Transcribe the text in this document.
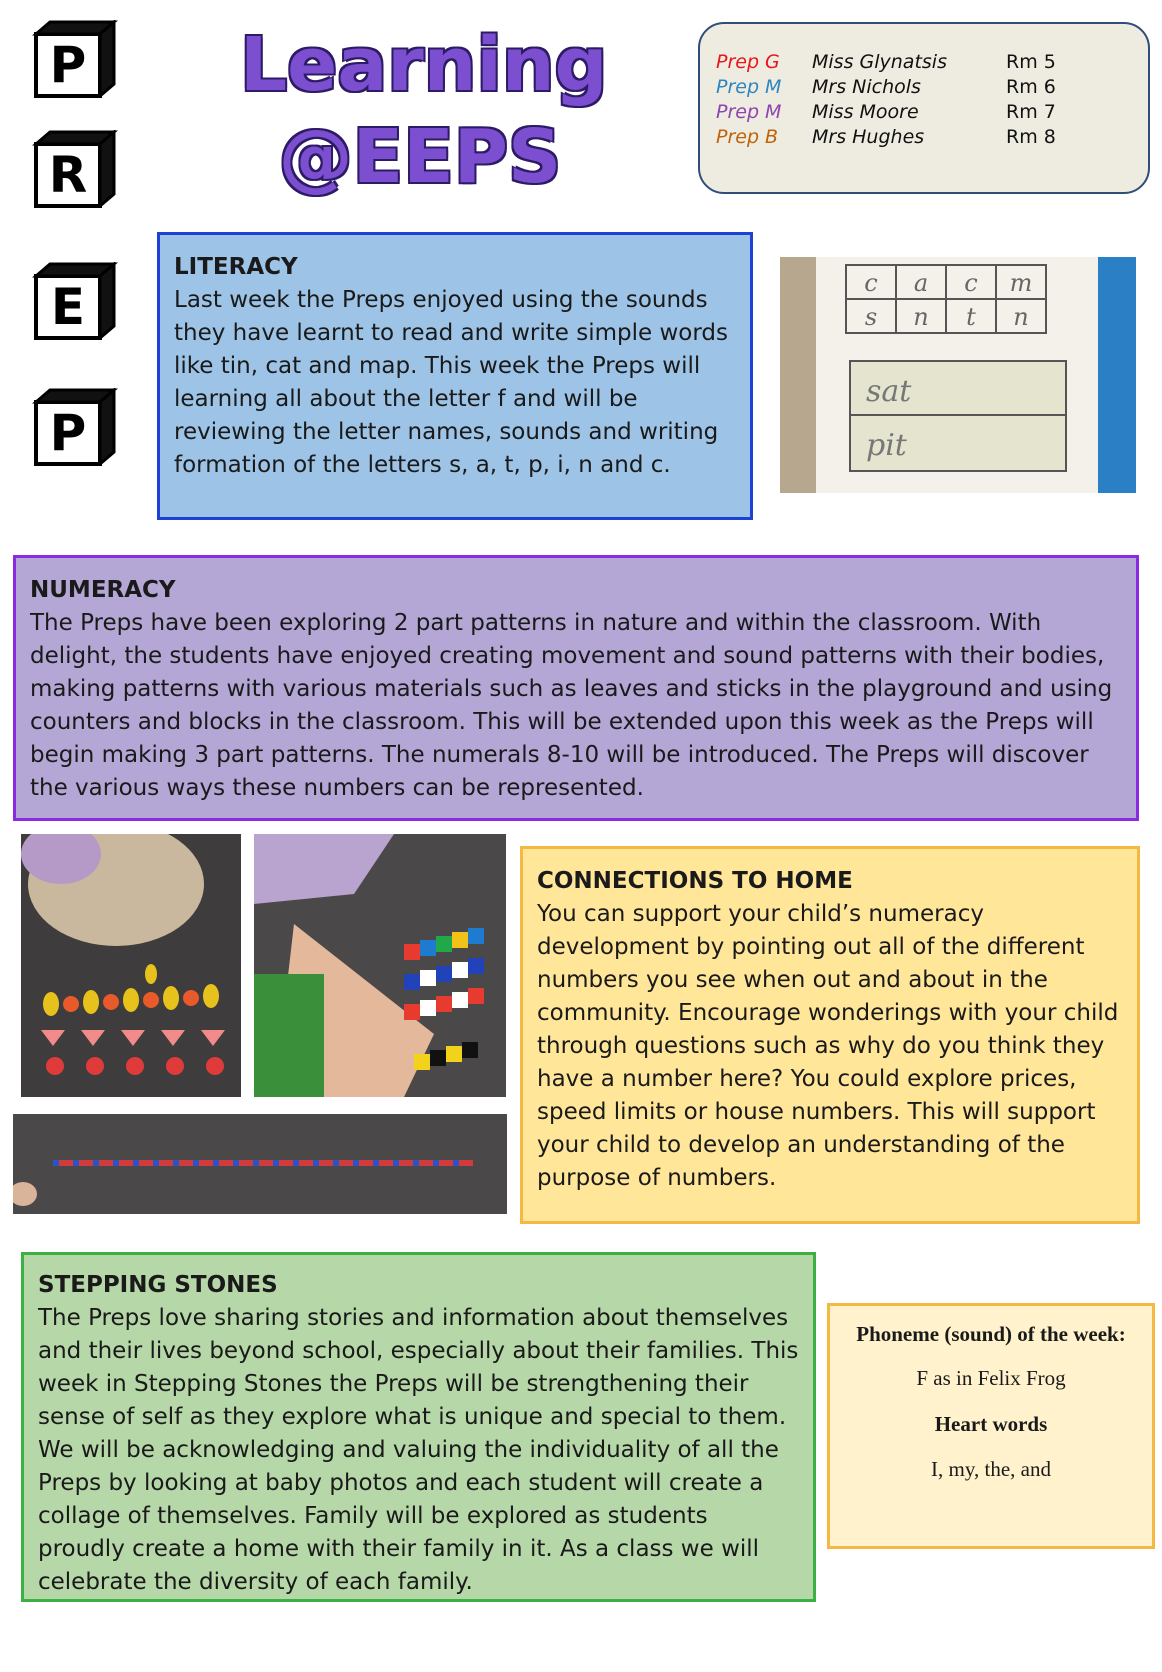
P
R
E
P
Learning
@EEPS
Prep G	Miss Glynatsis	Rm 5
Prep M	Mrs Nichols	Rm 6
Prep M	Miss Moore	Rm 7
Prep B	Mrs Hughes	Rm 8
LITERACY
Last week the Preps enjoyed using the sounds they have learnt to read and write simple words like tin, cat and map. This week the Preps will learning all about the letter f and will be reviewing the letter names, sounds and writing formation of the letters s, a, t, p, i, n and c.
c a c m
s n t n
sat
pit
NUMERACY
The Preps have been exploring 2 part patterns in nature and within the classroom. With delight, the students have enjoyed creating movement and sound patterns with their bodies, making patterns with various materials such as leaves and sticks in the playground and using counters and blocks in the classroom. This will be extended upon this week as the Preps will begin making 3 part patterns. The numerals 8-10 will be introduced. The Preps will discover the various ways these numbers can be represented.
CONNECTIONS TO HOME
You can support your child’s numeracy development by pointing out all of the different numbers you see when out and about in the community. Encourage wonderings with your child through questions such as why do you think they have a number here? You could explore prices, speed limits or house numbers. This will support your child to develop an understanding of the purpose of numbers.
STEPPING STONES
The Preps love sharing stories and information about themselves and their lives beyond school, especially about their families. This week in Stepping Stones the Preps will be strengthening their sense of self as they explore what is unique and special to them. We will be acknowledging and valuing the individuality of all the Preps by looking at baby photos and each student will create a collage of themselves. Family will be explored as students proudly create a home with their family in it. As a class we will celebrate the diversity of each family.
Phoneme (sound) of the week:
F as in Felix Frog
Heart words
I, my, the, and
